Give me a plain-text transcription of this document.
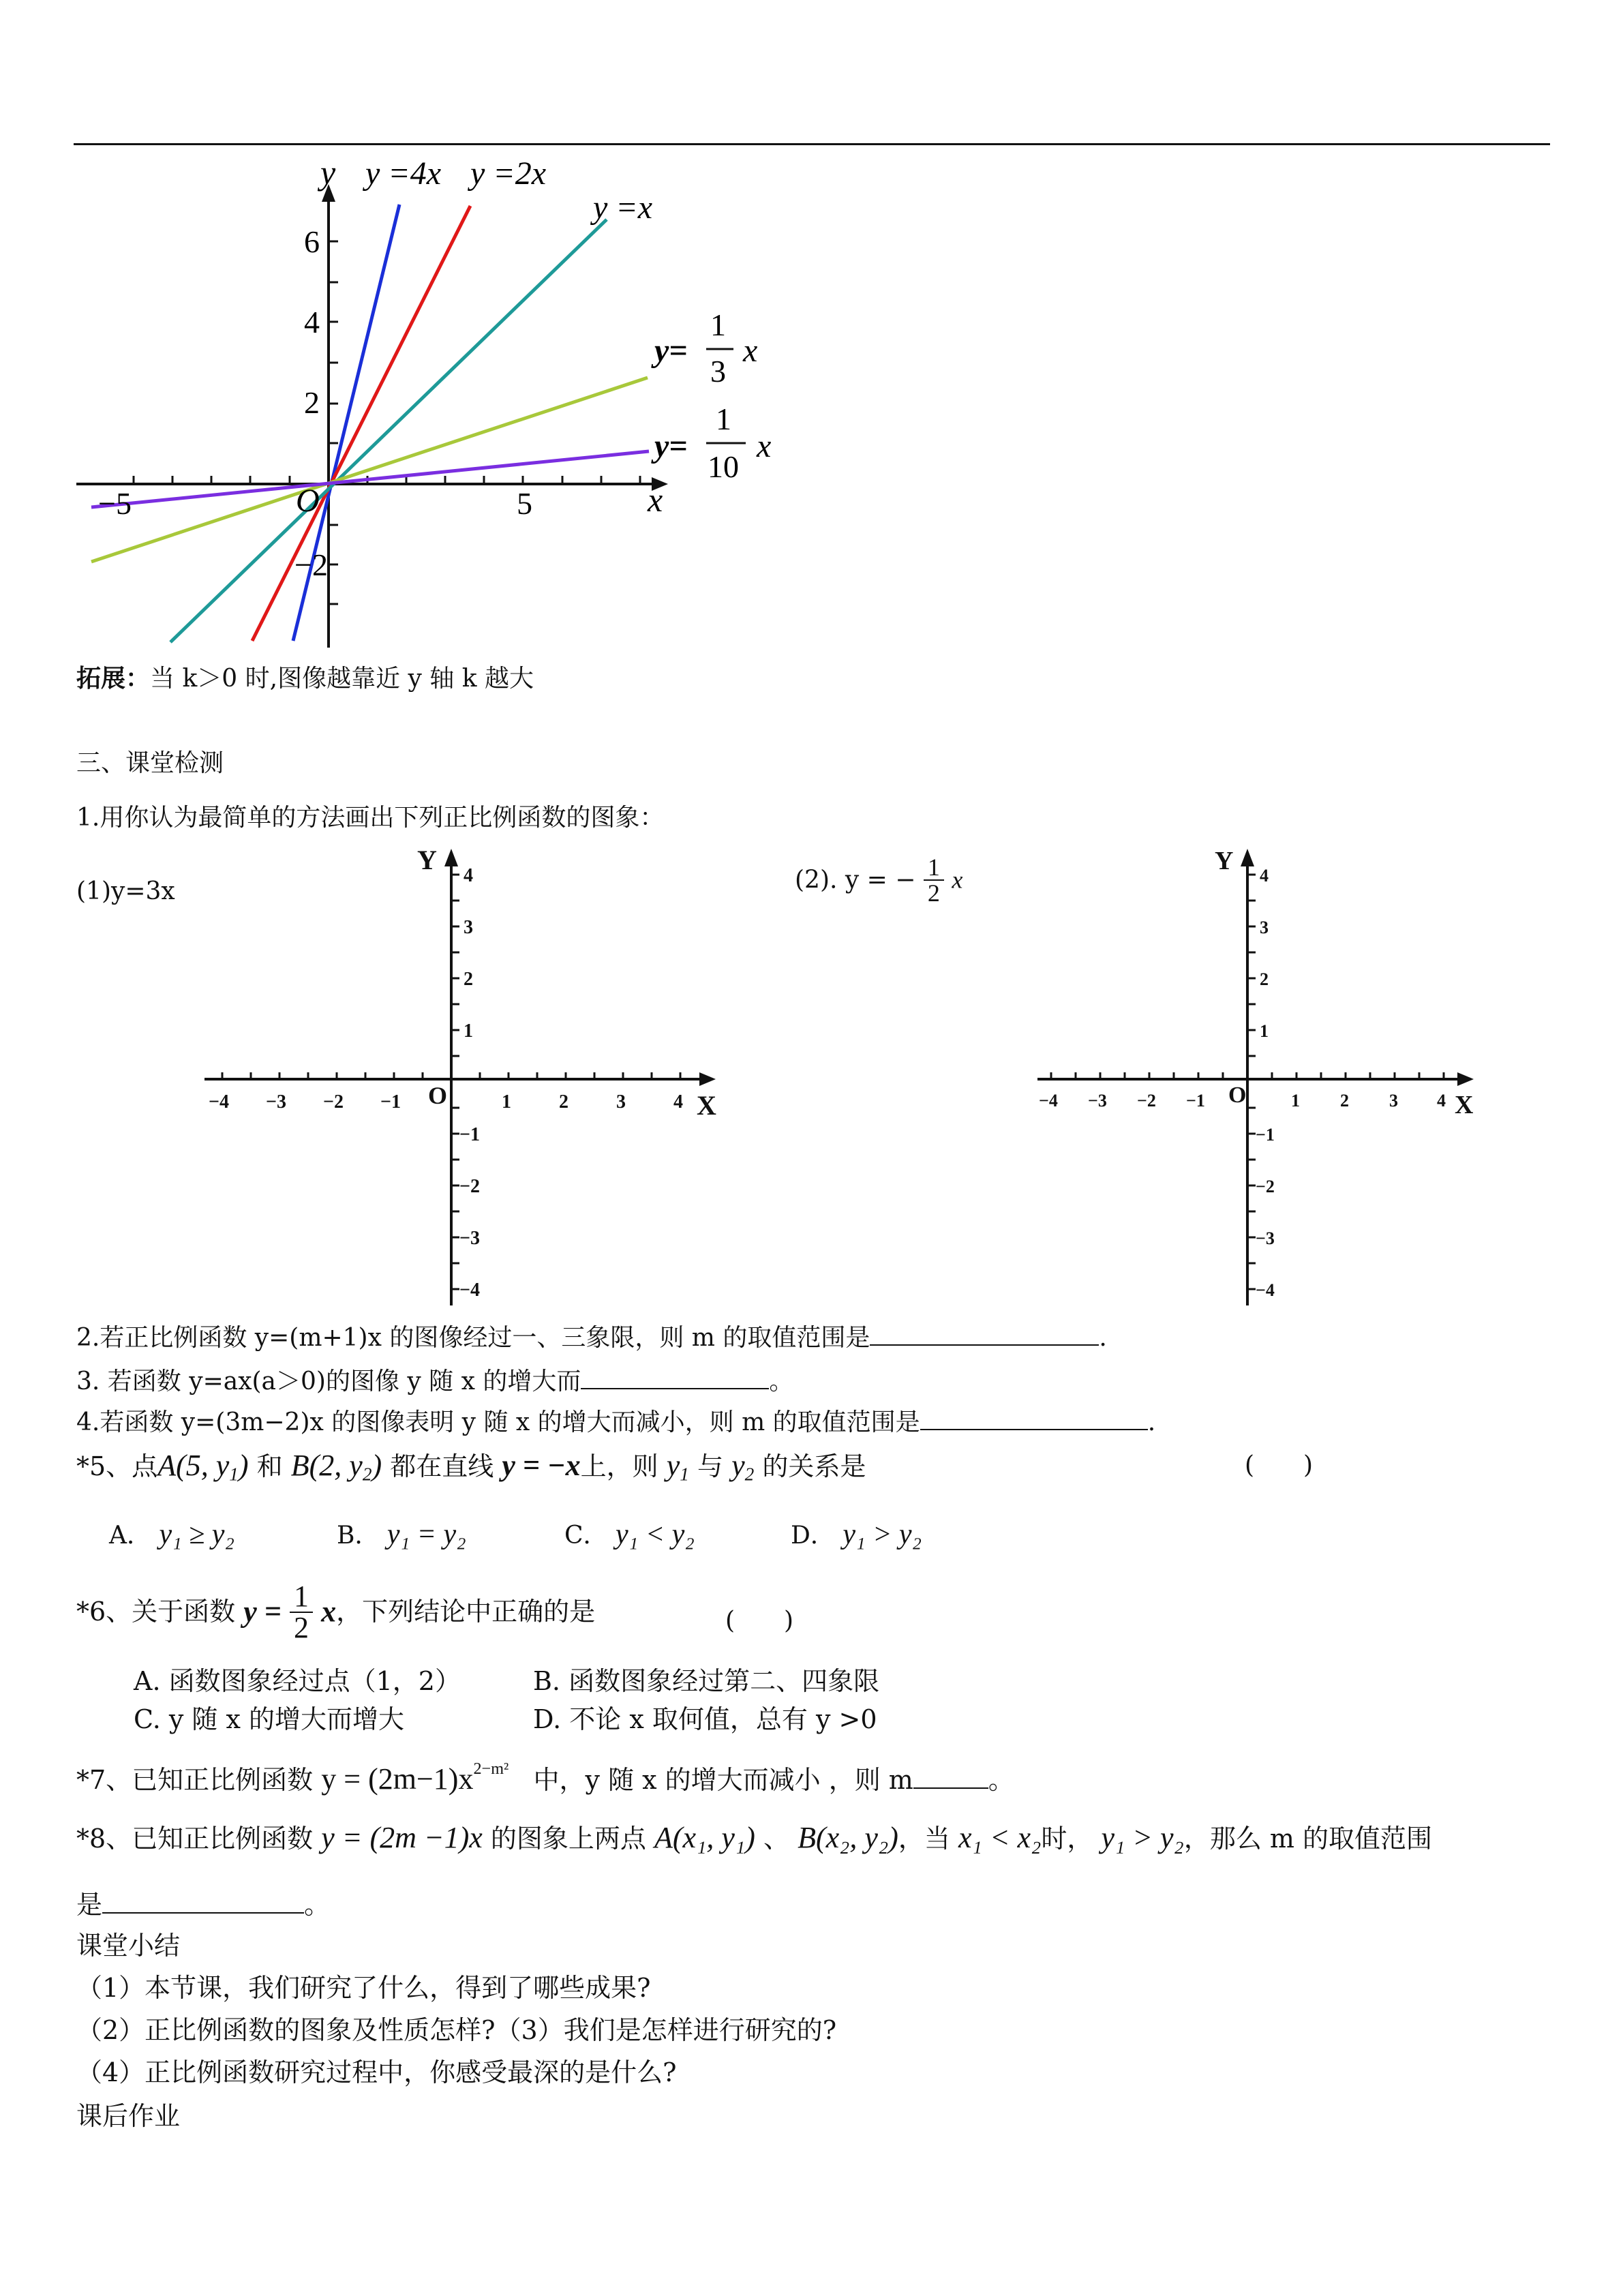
y
x
O
6
4
2
−2
5
−5
y =4x y =2x
y =x
y=
1
3
x
y=
1
10
x
拓展：当 k＞0 时,图像越靠近 y 轴 k 越大
三、课堂检测
1.用你认为最简单的方法画出下列正比例函数的图象：
(1)y=3x	(2). y = − $\frac{1}{2}$ x
Y
X
O
−4 −3 −2 −1	1	2	3	4
4
3
2
1
−1
−2
−3
−4
Y
X
O
−4 −3 −2 −1	1 2 3 4
4
3
2
1
−1
−2
−3
−4
2.若正比例函数 y=(m+1)x 的图像经过一、三象限，则 m 的取值范围是	.
3. 若函数 y=ax(a＞0)的图像 y 随 x 的增大而	。
4.若函数 y=(3m−2)x 的图像表明 y 随 x 的增大而减小，则 m 的取值范围是	.
*5、点A(5, $y_1$) 和 B(2, $y_2$) 都在直线 y = −x上，则 $y_1$ 与 $y_2$ 的关系是	(　　)
A． y₁ ≥ y₂	B． y₁ = y₂	C． y₁ < y₂	D． y₁ > y₂
*6、关于函数 $y = \frac{1}{2}$ x，下列结论中正确的是	(　　)
A. 函数图象经过点（1，2）	B. 函数图象经过第二、四象限
C. y 随 x 的增大而增大	D. 不论 x 取何值，总有 y >0
*7、已知正比例函数 $y = (2m-1)x^{2-m^2}$ 中，y 随 x 的增大而减小 ，则 m	。
*8、已知正比例函数 y = (2m −1)x 的图象上两点 A(x₁, y₁) 、 B(x₂, y₂)，当 x₁ < x₂时， y₁ > y₂，那么 m 的取值范围
是	。
课堂小结
（1）本节课，我们研究了什么，得到了哪些成果?
（2）正比例函数的图象及性质怎样?（3）我们是怎样进行研究的?
（4）正比例函数研究过程中，你感受最深的是什么?
课后作业
